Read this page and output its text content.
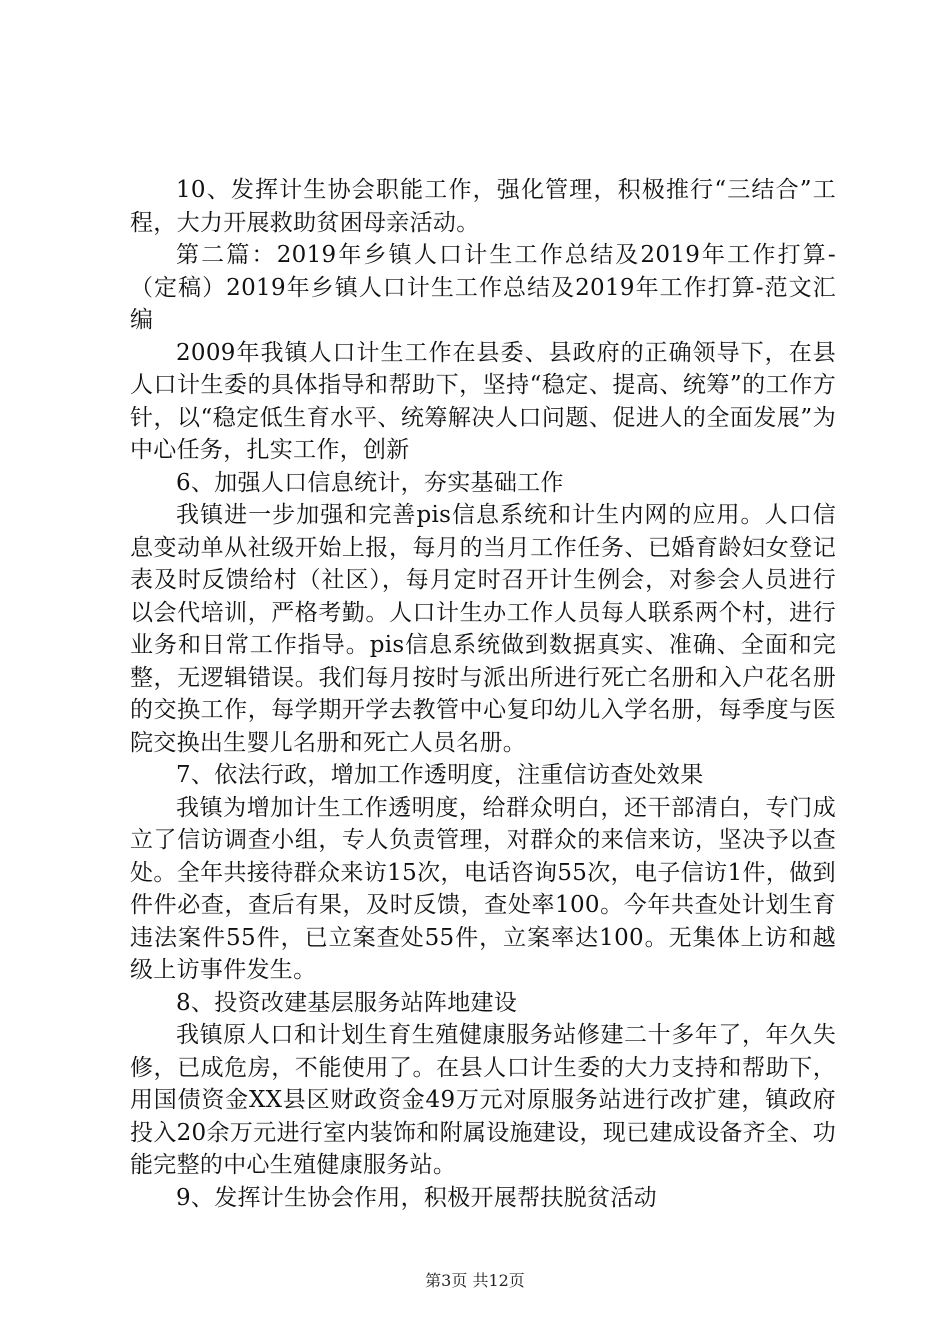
10、发挥计生协会职能工作，强化管理，积极推行“三结合”工程，大力开展救助贫困母亲活动。

第二篇：2019年乡镇人口计生工作总结及2019年工作打算-（定稿）2019年乡镇人口计生工作总结及2019年工作打算-范文汇编

2009年我镇人口计生工作在县委、县政府的正确领导下，在县人口计生委的具体指导和帮助下，坚持“稳定、提高、统筹”的工作方针，以“稳定低生育水平、统筹解决人口问题、促进人的全面发展”为中心任务，扎实工作，创新

6、加强人口信息统计，夯实基础工作

我镇进一步加强和完善pis信息系统和计生内网的应用。人口信息变动单从社级开始上报，每月的当月工作任务、已婚育龄妇女登记表及时反馈给村（社区），每月定时召开计生例会，对参会人员进行以会代培训，严格考勤。人口计生办工作人员每人联系两个村，进行业务和日常工作指导。pis信息系统做到数据真实、准确、全面和完整，无逻辑错误。我们每月按时与派出所进行死亡名册和入户花名册的交换工作，每学期开学去教管中心复印幼儿入学名册，每季度与医院交换出生婴儿名册和死亡人员名册。

7、依法行政，增加工作透明度，注重信访查处效果

我镇为增加计生工作透明度，给群众明白，还干部清白，专门成立了信访调查小组，专人负责管理，对群众的来信来访，坚决予以查处。全年共接待群众来访15次，电话咨询55次，电子信访1件，做到件件必查，查后有果，及时反馈，查处率100。今年共查处计划生育违法案件55件，已立案查处55件，立案率达100。无集体上访和越级上访事件发生。

8、投资改建基层服务站阵地建设

我镇原人口和计划生育生殖健康服务站修建二十多年了，年久失修，已成危房，不能使用了。在县人口计生委的大力支持和帮助下，用国债资金XX县区财政资金49万元对原服务站进行改扩建，镇政府投入20余万元进行室内装饰和附属设施建设，现已建成设备齐全、功能完整的中心生殖健康服务站。

9、发挥计生协会作用，积极开展帮扶脱贫活动

第3页 共12页
